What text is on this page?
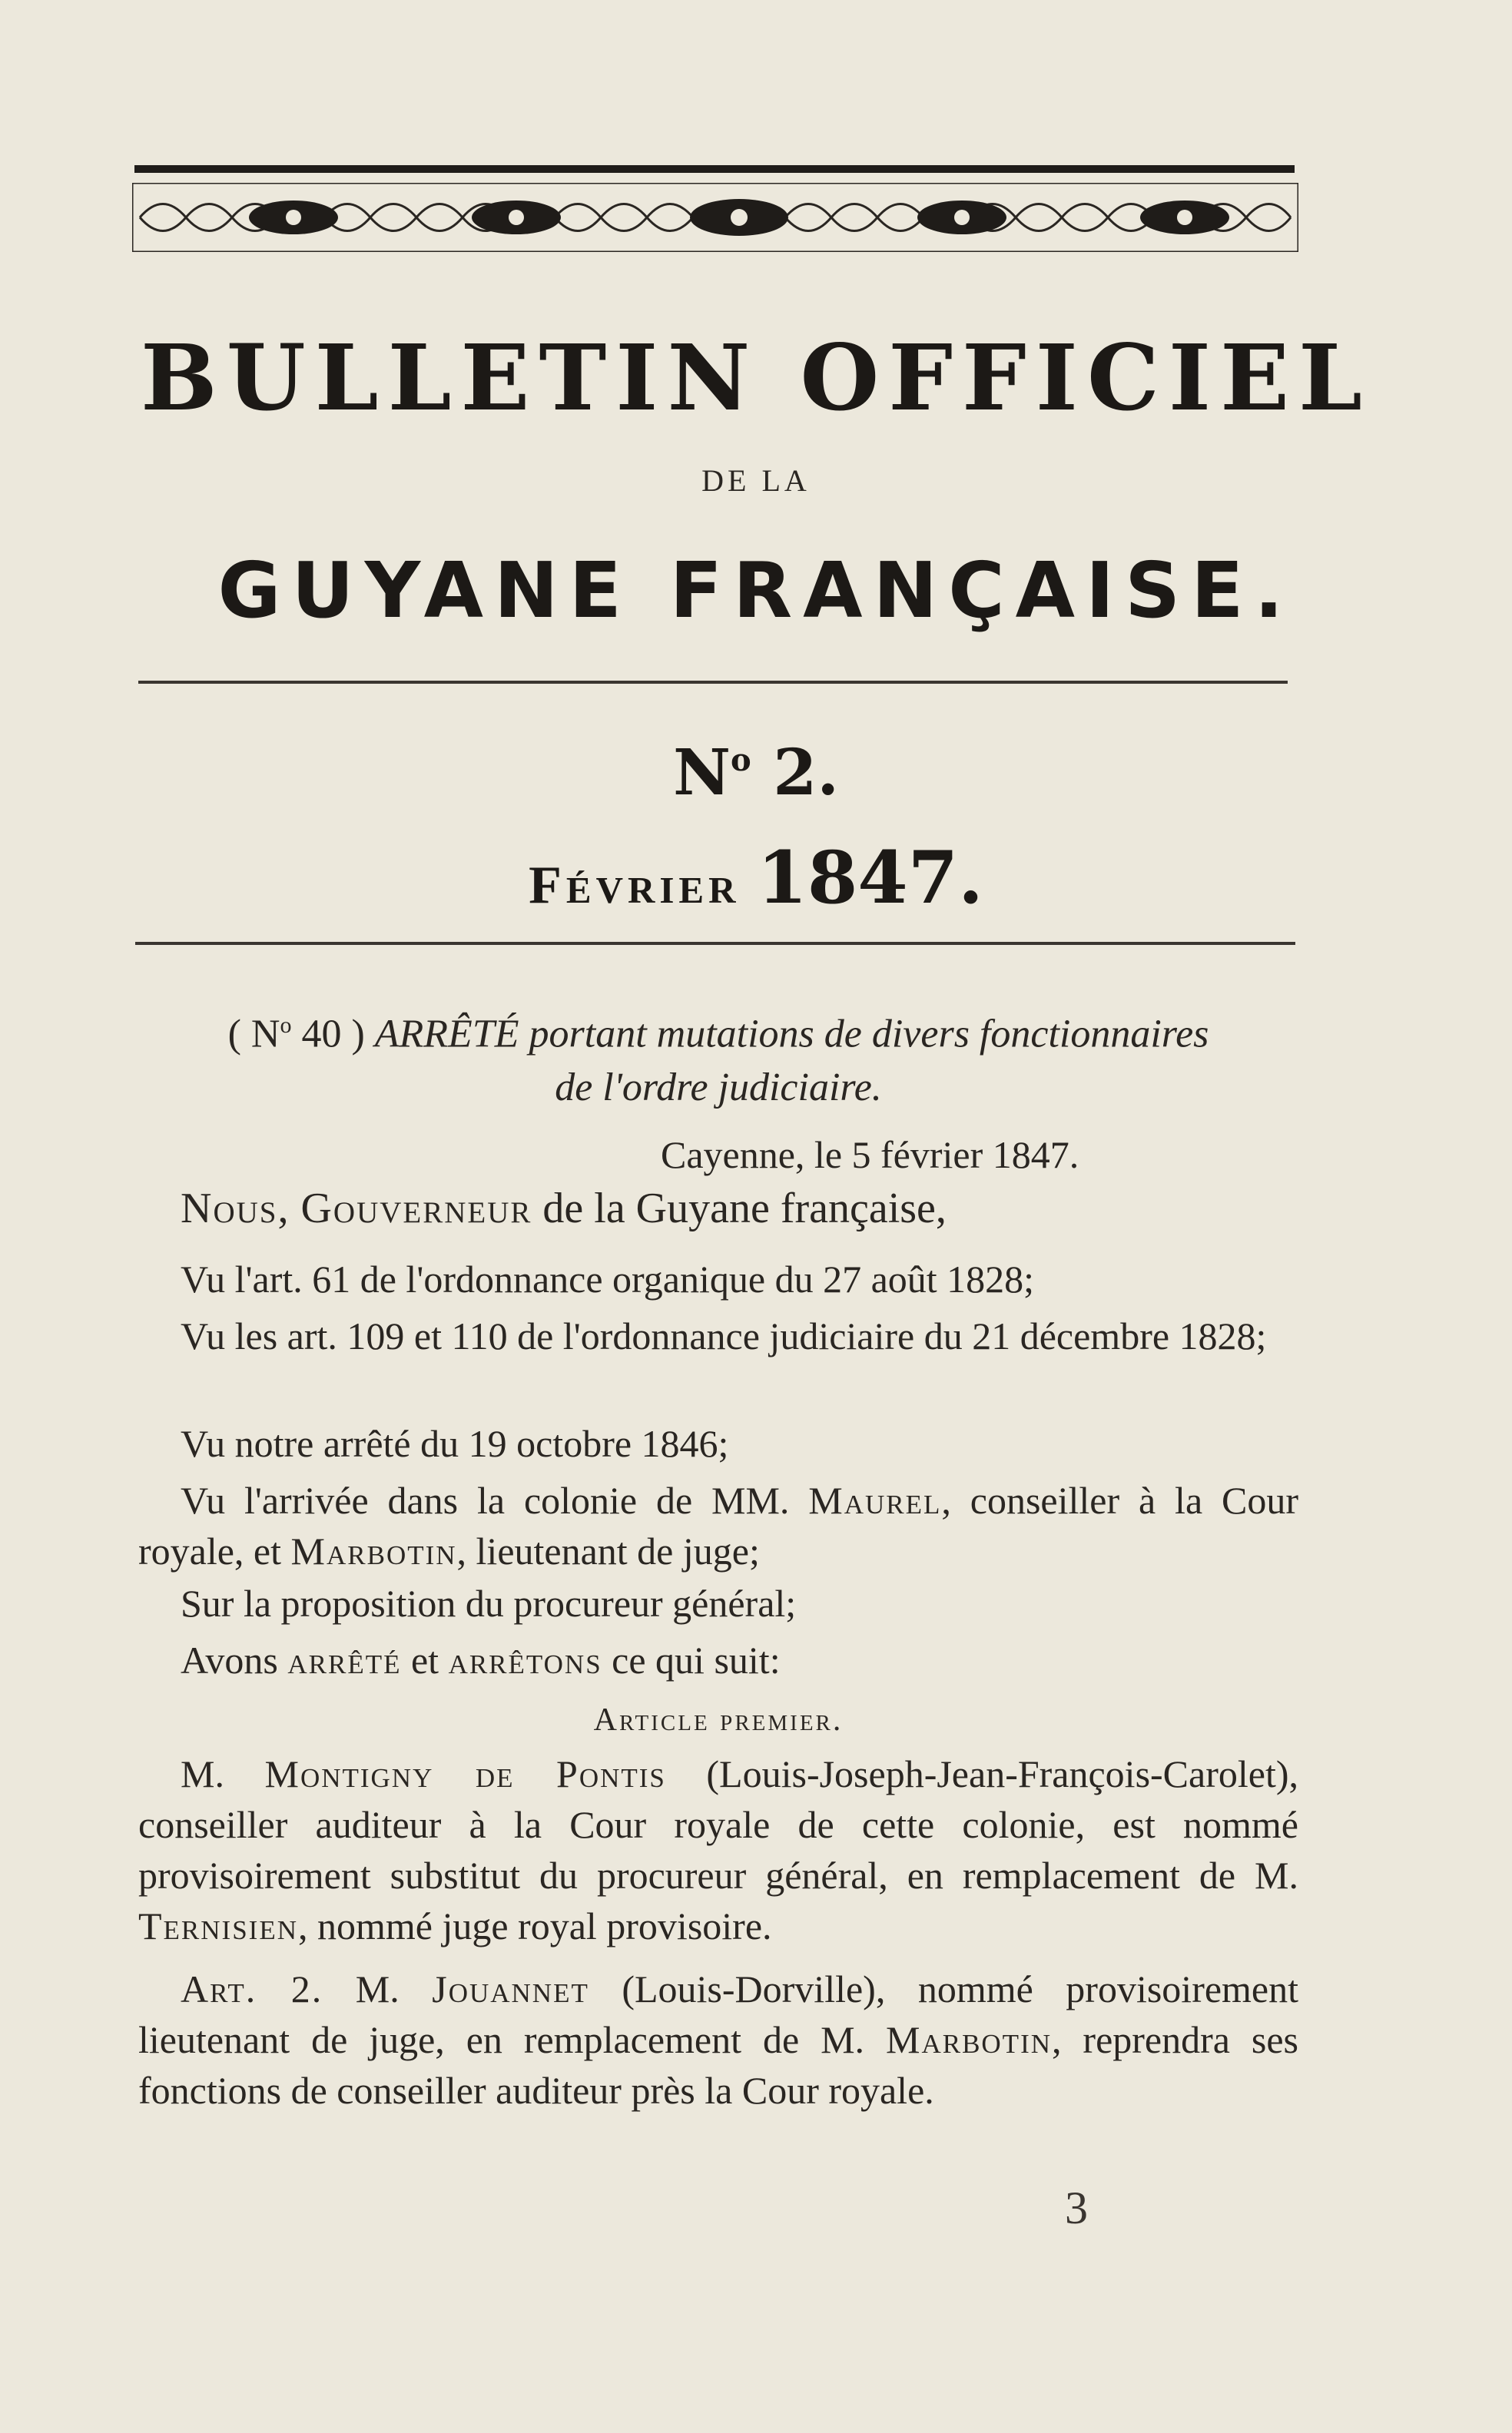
BULLETIN OFFICIEL
DE LA
GUYANE FRANÇAISE.
$N^o$ 2.
Février 1847.
( $N^o$ 40 ) ARRÊTÉ portant mutations de divers fonctionnaires
de l'ordre judiciaire.
Cayenne, le 5 février 1847.
Nous, Gouverneur de la Guyane française,
Vu l'art. 61 de l'ordonnance organique du 27 août 1828;
Vu les art. 109 et 110 de l'ordonnance judiciaire du 21 décembre 1828;
Vu notre arrêté du 19 octobre 1846;
Vu l'arrivée dans la colonie de MM. Maurel, conseiller à la Cour royale, et Marbotin, lieutenant de juge;
Sur la proposition du procureur général;
Avons arrêté et arrêtons ce qui suit:
Article premier.
M. Montigny de Pontis (Louis-Joseph-Jean-François-Carolet), conseiller auditeur à la Cour royale de cette colonie, est nommé provisoirement substitut du procureur général, en remplacement de M. Ternisien, nommé juge royal provisoire.
Art. 2. M. Jouannet (Louis-Dorville), nommé provisoirement lieutenant de juge, en remplacement de M. Marbotin, reprendra ses fonctions de conseiller auditeur près la Cour royale.
3
